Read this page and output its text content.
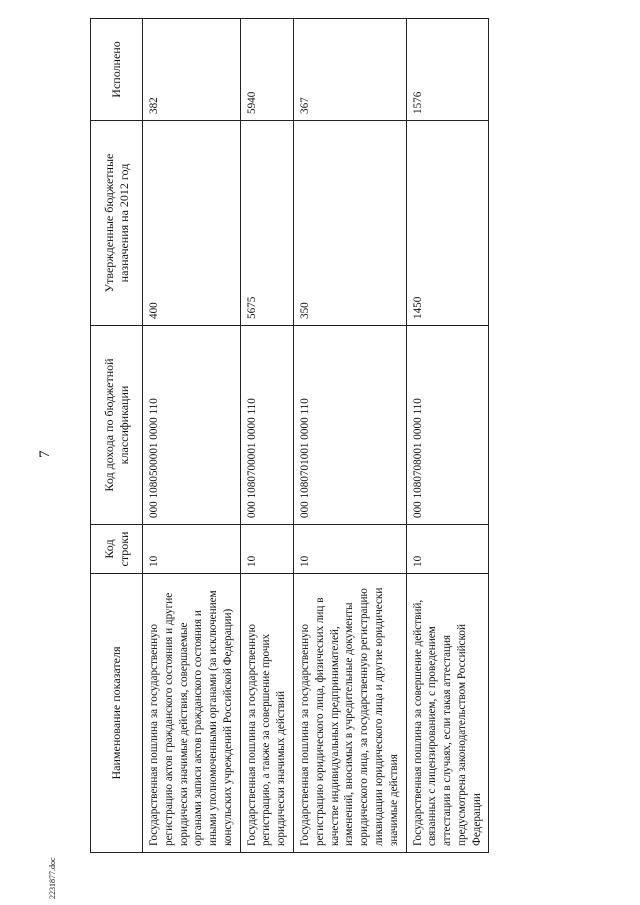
7
2231877.doc
Наименование показателя	Код строки	Код дохода по бюджетной классификации	Утвержденные бюджетные назначения на 2012 год	Исполнено
Государственная пошлина за государственную регистрацию актов гражданского состояния и другие юридически значимые действия, совершаемые органами записи актов гражданского состояния и иными уполномоченными органами (за исключением консульских учреждений Российской Федерации)	10	000 1080500001 0000 110	400	382
Государственная пошлина за государственную регистрацию, а также за совершение прочих юридически значимых действий	10	000 1080700001 0000 110	5675	5940
Государственная пошлина за государственную регистрацию юридического лица, физических лиц в качестве индивидуальных предпринимателей, изменений, вносимых в учредительные документы юридического лица, за государственную регистрацию ликвидации юридического лица и другие юридически значимые действия	10	000 1080701001 0000 110	350	367
Государственная пошлина за совершение действий, связанных с лицензированием, с проведением аттестации в случаях, если такая аттестация предусмотрена законодательством Российской Федерации	10	000 1080708001 0000 110	1450	1576
